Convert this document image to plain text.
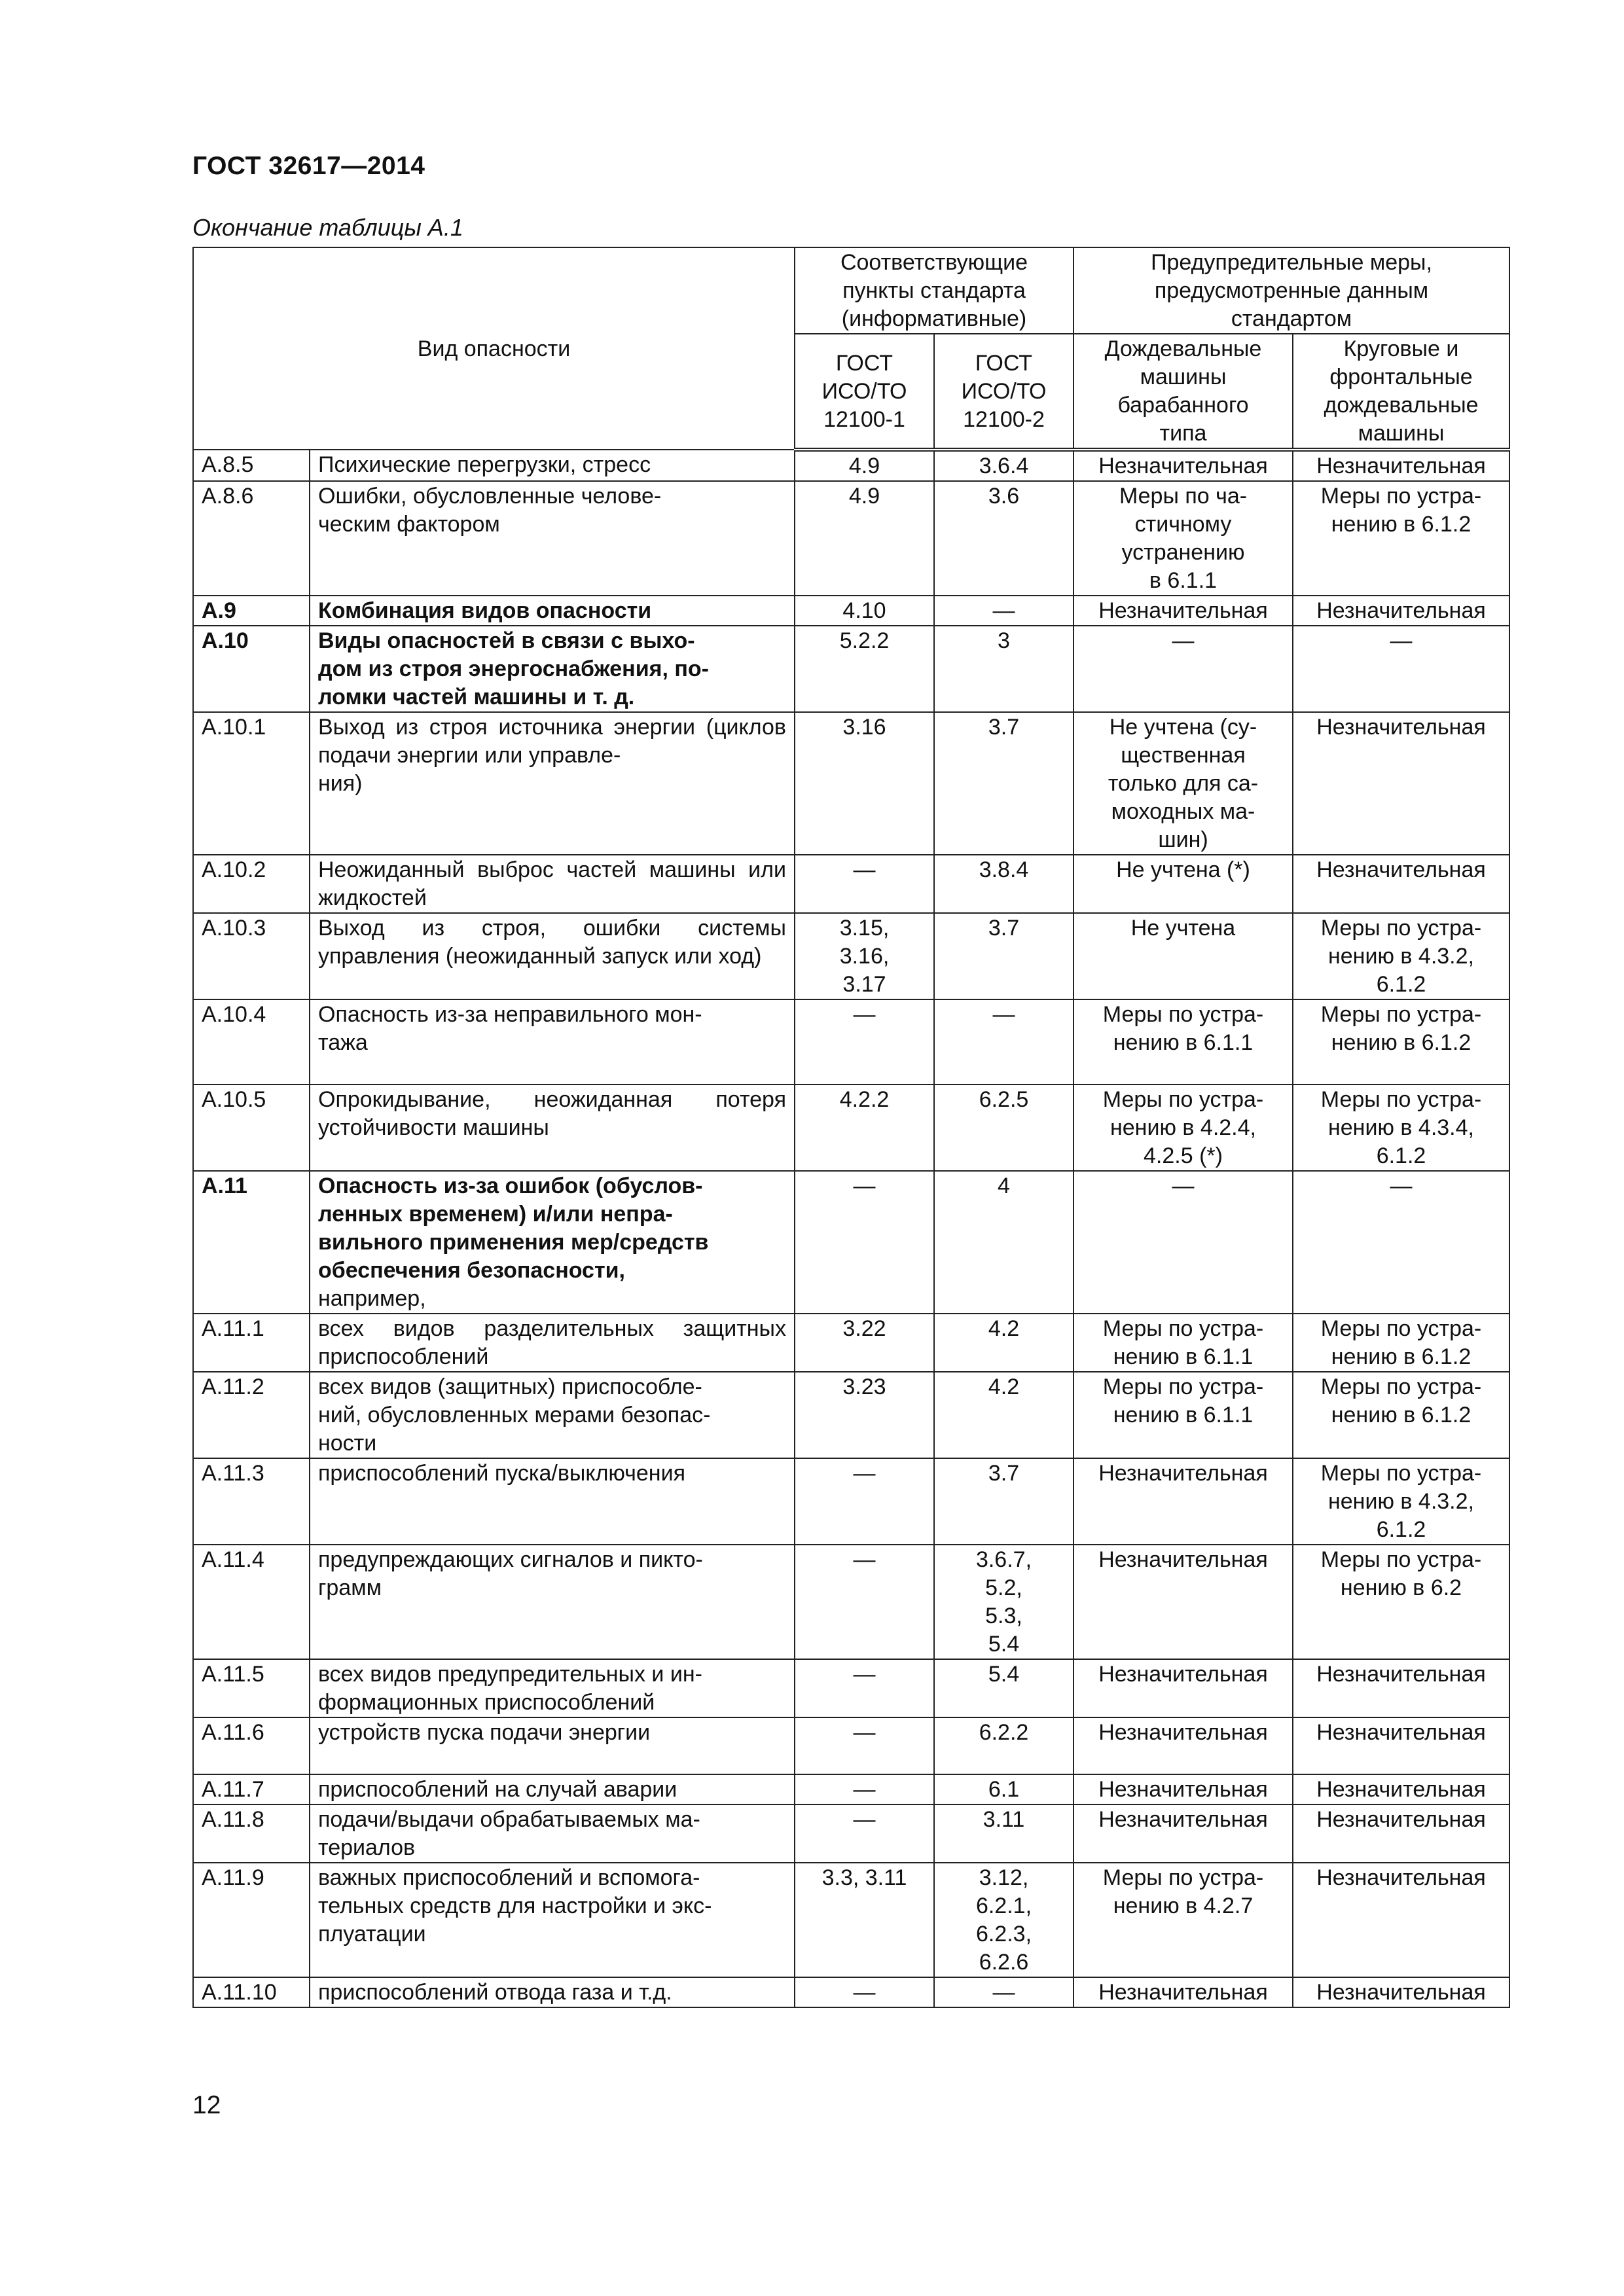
ГОСТ 32617—2014
Окончание таблицы А.1
Вид опасности		Соответствующие
пункты стандарта
(информативные)		Предупредительные меры,
предусмотренные данным
стандартом	

		ГОСТ
ИСО/ТО
12100-1	ГОСТ
ИСО/ТО
12100-2	Дождевальные
машины
барабанного
типа	Круговые и
фронтальные
дождевальные
машины

А.8.5	Психические перегрузки, стресс	4.9	3.6.4	Незначительная	Незначительная

А.8.6	Ошибки, обусловленные челове-
ческим фактором	4.9	3.6	Меры по ча-
стичному
устранению
в 6.1.1	Меры по устра-
нению в 6.1.2

А.9	Комбинация видов опасности	4.10	—	Незначительная	Незначительная

А.10	Виды опасностей в связи с выхо-
дом из строя энергоснабжения, по-
ломки частей машины и т. д.	5.2.2	3	—	—

А.10.1	Выход из строя источника энергии (циклов подачи энергии или управле-
ния)	3.16	3.7	Не учтена (су-
щественная
только для са-
моходных ма-
шин)	Незначительная

А.10.2	Неожиданный выброс частей машины или жидкостей	—	3.8.4	Не учтена (*)	Незначительная

А.10.3	Выход из строя, ошибки системы управления (неожиданный запуск или ход)	3.15,
3.16,
3.17	3.7	Не учтена	Меры по устра-
нению в 4.3.2,
6.1.2

А.10.4	Опасность из-за неправильного мон-
тажа	—	—	Меры по устра-
нению в 6.1.1	Меры по устра-
нению в 6.1.2

А.10.5	Опрокидывание, неожиданная потеря устойчивости машины	4.2.2	6.2.5	Меры по устра-
нению в 4.2.4,
4.2.5 (*)	Меры по устра-
нению в 4.3.4,
6.1.2

А.11	Опасность из-за ошибок (обуслов-
ленных временем) и/или непра-
вильного применения мер/средств
обеспечения безопасности,
например,	—	4	—	—

А.11.1	всех видов разделительных защитных приспособлений	3.22	4.2	Меры по устра-
нению в 6.1.1	Меры по устра-
нению в 6.1.2

А.11.2	всех видов (защитных) приспособле-
ний, обусловленных мерами безопас-
ности	3.23	4.2	Меры по устра-
нению в 6.1.1	Меры по устра-
нению в 6.1.2

А.11.3	приспособлений пуска/выключения	—	3.7	Незначительная	Меры по устра-
нению в 4.3.2,
6.1.2

А.11.4	предупреждающих сигналов и пикто-
грамм	—	3.6.7,
5.2,
5.3,
5.4	Незначительная	Меры по устра-
нению в 6.2

А.11.5	всех видов предупредительных и ин-
формационных приспособлений	—	5.4	Незначительная	Незначительная

А.11.6	устройств пуска подачи энергии	—	6.2.2	Незначительная	Незначительная

А.11.7	приспособлений на случай аварии	—	6.1	Незначительная	Незначительная

А.11.8	подачи/выдачи обрабатываемых ма-
териалов	—	3.11	Незначительная	Незначительная

А.11.9	важных приспособлений и вспомога-
тельных средств для настройки и экс-
плуатации	3.3, 3.11	3.12,
6.2.1,
6.2.3,
6.2.6	Меры по устра-
нению в 4.2.7	Незначительная

А.11.10	приспособлений отвода газа и т.д.	—	—	Незначительная	Незначительная
12
